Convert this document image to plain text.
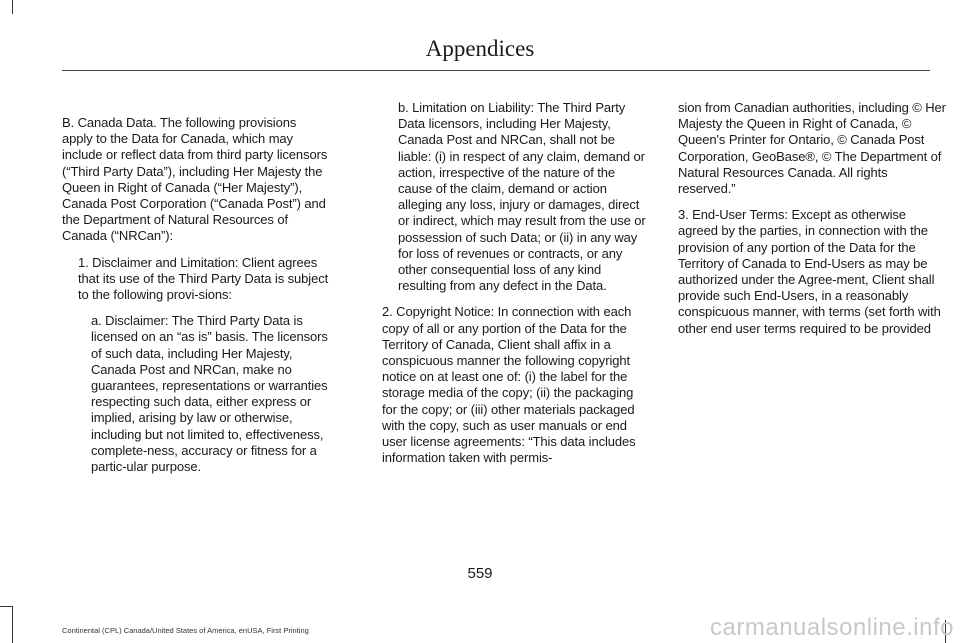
Appendices

B. Canada Data. The following provisions apply to the Data for Canada, which may include or reflect data from third party licensors (“Third Party Data”), including Her Majesty the Queen in Right of Canada (“Her Majesty”), Canada Post Corporation (“Canada Post”) and the Department of Natural Resources of Canada (“NRCan”):

1. Disclaimer and Limitation: Client agrees that its use of the Third Party Data is subject to the following provi-sions:

a. Disclaimer: The Third Party Data is licensed on an “as is” basis. The licensors of such data, including Her Majesty, Canada Post and NRCan, make no guarantees, representations or warranties respecting such data, either express or implied, arising by law or otherwise, including but not limited to, effectiveness, complete-ness, accuracy or fitness for a partic-ular purpose.

b. Limitation on Liability: The Third Party Data licensors, including Her Majesty, Canada Post and NRCan, shall not be liable: (i) in respect of any claim, demand or action, irrespective of the nature of the cause of the claim, demand or action alleging any loss, injury or damages, direct or indirect, which may result from the use or possession of such Data; or (ii) in any way for loss of revenues or contracts, or any other consequential loss of any kind resulting from any defect in the Data.

2. Copyright Notice: In connection with each copy of all or any portion of the Data for the Territory of Canada, Client shall affix in a conspicuous manner the following copyright notice on at least one of: (i) the label for the storage media of the copy; (ii) the packaging for the copy; or (iii) other materials packaged with the copy, such as user manuals or end user license agreements: “This data includes information taken with permis-

sion from Canadian authorities, including © Her Majesty the Queen in Right of Canada, © Queen's Printer for Ontario, © Canada Post Corporation, GeoBase®, © The Department of Natural Resources Canada. All rights reserved.”

3. End-User Terms: Except as otherwise agreed by the parties, in connection with the provision of any portion of the Data for the Territory of Canada to End-Users as may be authorized under the Agree-ment, Client shall provide such End-Users, in a reasonably conspicuous manner, with terms (set forth with other end user terms required to be provided

559
Continental (CPL) Canada/United States of America, enUSA, First Printing	carmanualsonline.info
